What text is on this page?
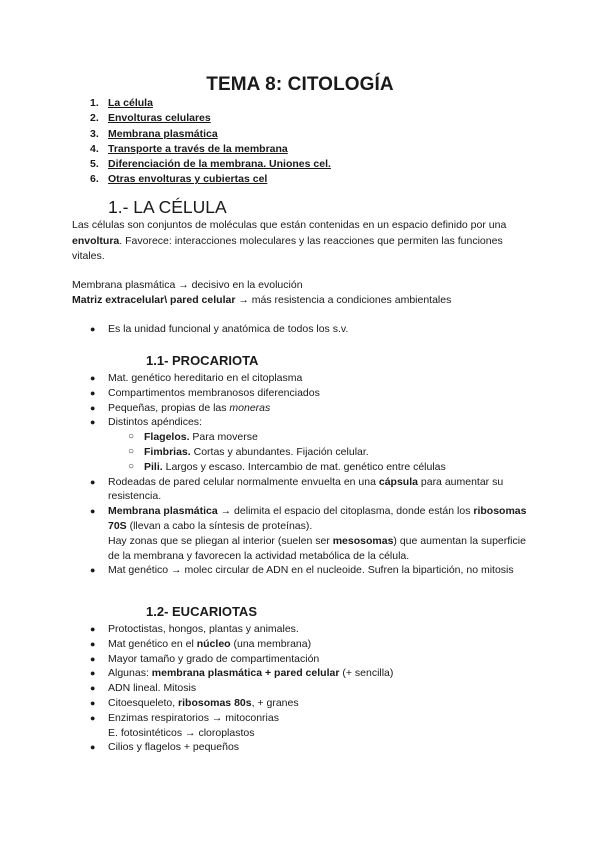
TEMA 8: CITOLOGÍA
1. La célula
2. Envolturas celulares
3. Membrana plasmática
4. Transporte a través de la membrana
5. Diferenciación de la membrana. Uniones cel.
6. Otras envolturas y cubiertas cel
1.- LA CÉLULA

Las células son conjuntos de moléculas que están contenidas en un espacio definido por una envoltura. Favorece: interacciones moleculares y las reacciones que permiten las funciones vitales.

Membrana plasmática → decisivo en la evolución

Matriz extracelular\ pared celular → más resistencia a condiciones ambientales

● Es la unidad funcional y anatómica de todos los s.v.
1.1- PROCARIOTA
● Mat. genético hereditario en el citoplasma
● Compartimentos membranosos diferenciados
● Pequeñas, propias de las moneras
● Distintos apéndices:
○ Flagelos. Para moverse
○ Fimbrias. Cortas y abundantes. Fijación celular.
○ Pili. Largos y escaso. Intercambio de mat. genético entre células
● Rodeadas de pared celular normalmente envuelta en una cápsula para aumentar su resistencia.
● Membrana plasmática → delimita el espacio del citoplasma, donde están los ribosomas 70S (llevan a cabo la síntesis de proteínas).
Hay zonas que se pliegan al interior (suelen ser mesosomas) que aumentan la superficie de la membrana y favorecen la actividad metabólica de la célula.
● Mat genético → molec circular de ADN en el nucleoide. Sufren la bipartición, no mitosis
1.2- EUCARIOTAS
● Protoctistas, hongos, plantas y animales.
● Mat genético en el núcleo (una membrana)
● Mayor tamaño y grado de compartimentación
● Algunas: membrana plasmática + pared celular (+ sencilla)
● ADN lineal. Mitosis
● Citoesqueleto, ribosomas 80s, + granes
● Enzimas respiratorios → mitoconrias
E. fotosintéticos → cloroplastos
● Cilios y flagelos + pequeños
